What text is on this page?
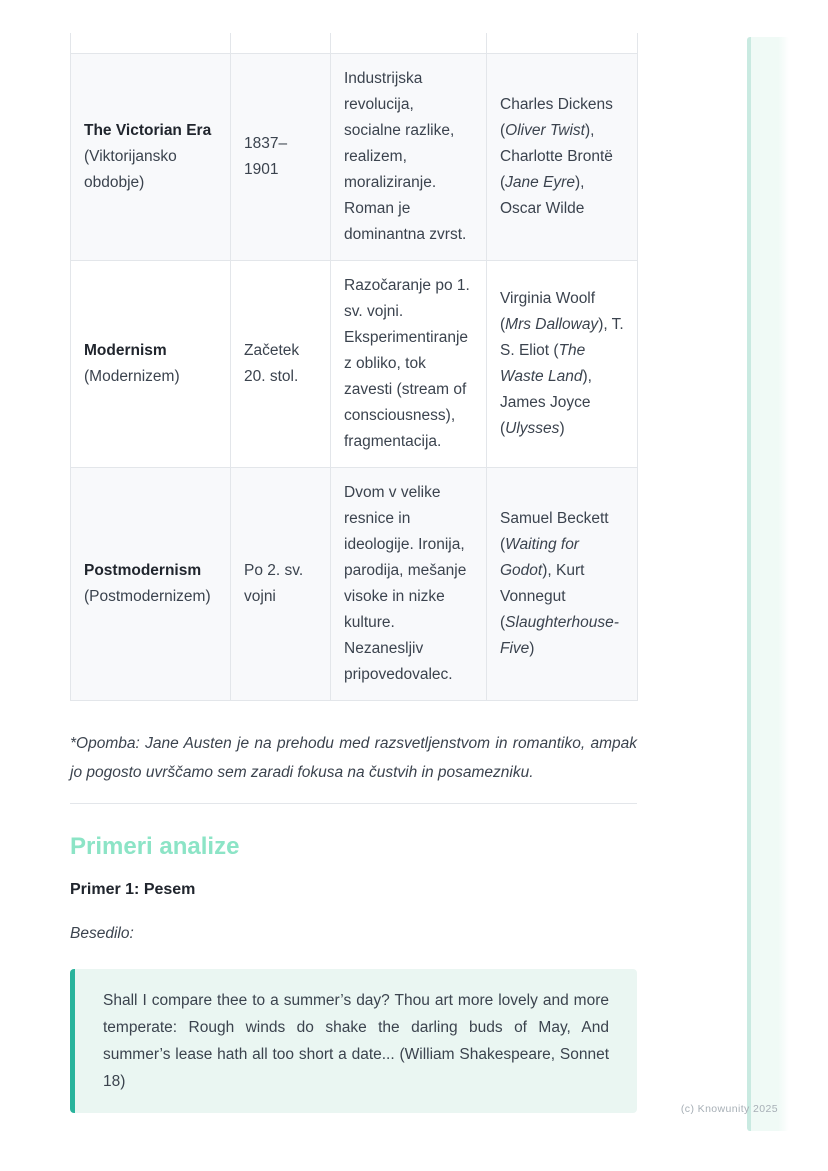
The Victorian Era (Viktorijansko obdobje)	1837–1901	Industrijska revolucija, socialne razlike, realizem, moraliziranje. Roman je dominantna zvrst.	Charles Dickens (Oliver Twist), Charlotte Brontë (Jane Eyre), Oscar Wilde
Modernism (Modernizem)	Začetek 20. stol.	Razočaranje po 1. sv. vojni. Eksperimentiranje z obliko, tok zavesti (stream of consciousness), fragmentacija.	Virginia Woolf (Mrs Dalloway), T. S. Eliot (The Waste Land), James Joyce (Ulysses)
Postmodernism (Postmodernizem)	Po 2. sv. vojni	Dvom v velike resnice in ideologije. Ironija, parodija, mešanje visoke in nizke kulture. Nezanesljiv pripovedovalec.	Samuel Beckett (Waiting for Godot), Kurt Vonnegut (Slaughterhouse-Five)

*Opomba: Jane Austen je na prehodu med razsvetljenstvom in romantiko, ampak jo pogosto uvrščamo sem zaradi fokusa na čustvih in posamezniku.

Primeri analize

Primer 1: Pesem

Besedilo:

Shall I compare thee to a summer’s day? Thou art more lovely and more temperate: Rough winds do shake the darling buds of May, And summer’s lease hath all too short a date... (William Shakespeare, Sonnet 18)
(c) Knowunity 2025
